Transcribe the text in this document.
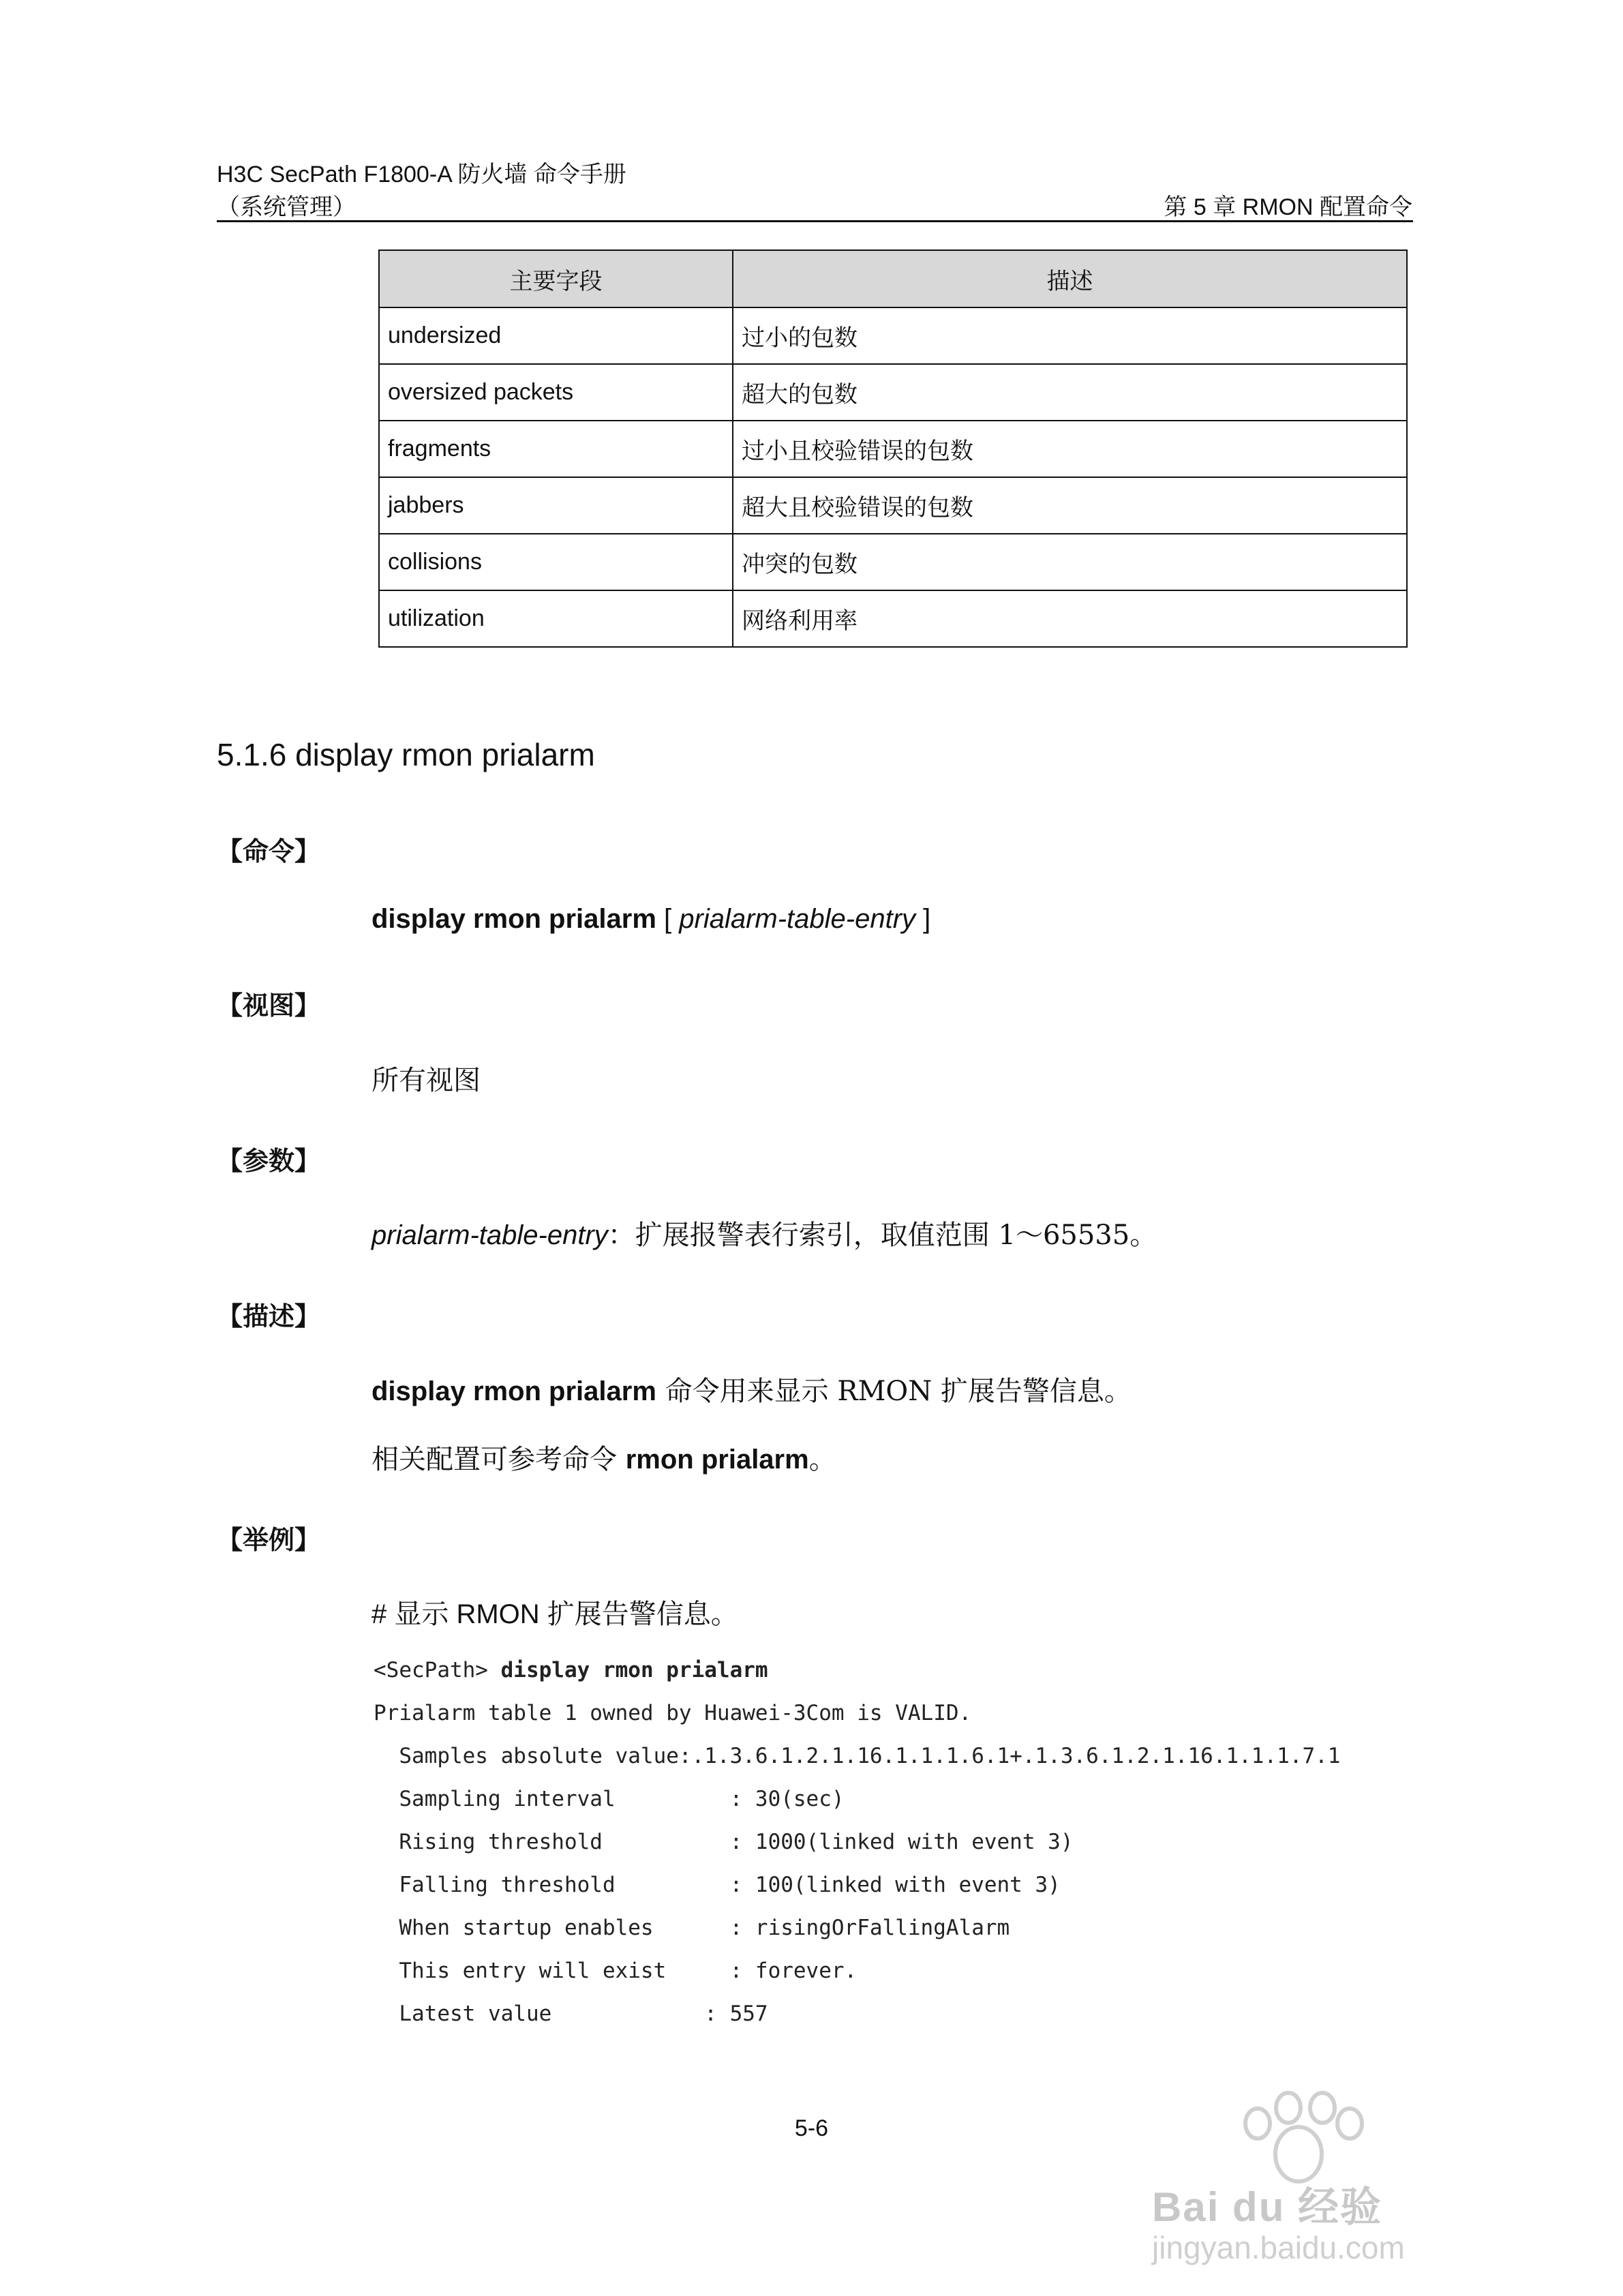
H3C SecPath F1800-A 防火墙 命令手册
（系统管理）	第 5 章 RMON 配置命令
主要字段	描述
undersized	过小的包数
oversized packets	超大的包数
fragments	过小且校验错误的包数
jabbers	超大且校验错误的包数
collisions	冲突的包数
utilization	网络利用率
5.1.6 display rmon prialarm
【命令】
display rmon prialarm [ prialarm-table-entry ]
【视图】
所有视图
【参数】
prialarm-table-entry：扩展报警表行索引，取值范围 1～65535。
【描述】
display rmon prialarm 命令用来显示 RMON 扩展告警信息。
相关配置可参考命令 rmon prialarm。
【举例】
# 显示 RMON 扩展告警信息。
<SecPath> display rmon prialarm
Prialarm table 1 owned by Huawei-3Com is VALID.
Samples absolute value:.1.3.6.1.2.1.16.1.1.1.6.1+.1.3.6.1.2.1.16.1.1.1.7.1
Sampling interval         : 30(sec)
Rising threshold          : 1000(linked with event 3)
Falling threshold         : 100(linked with event 3)
When startup enables      : risingOrFallingAlarm
This entry will exist     : forever.
Latest value            : 557
5-6
Bai du 经验
jingyan.baidu.com
